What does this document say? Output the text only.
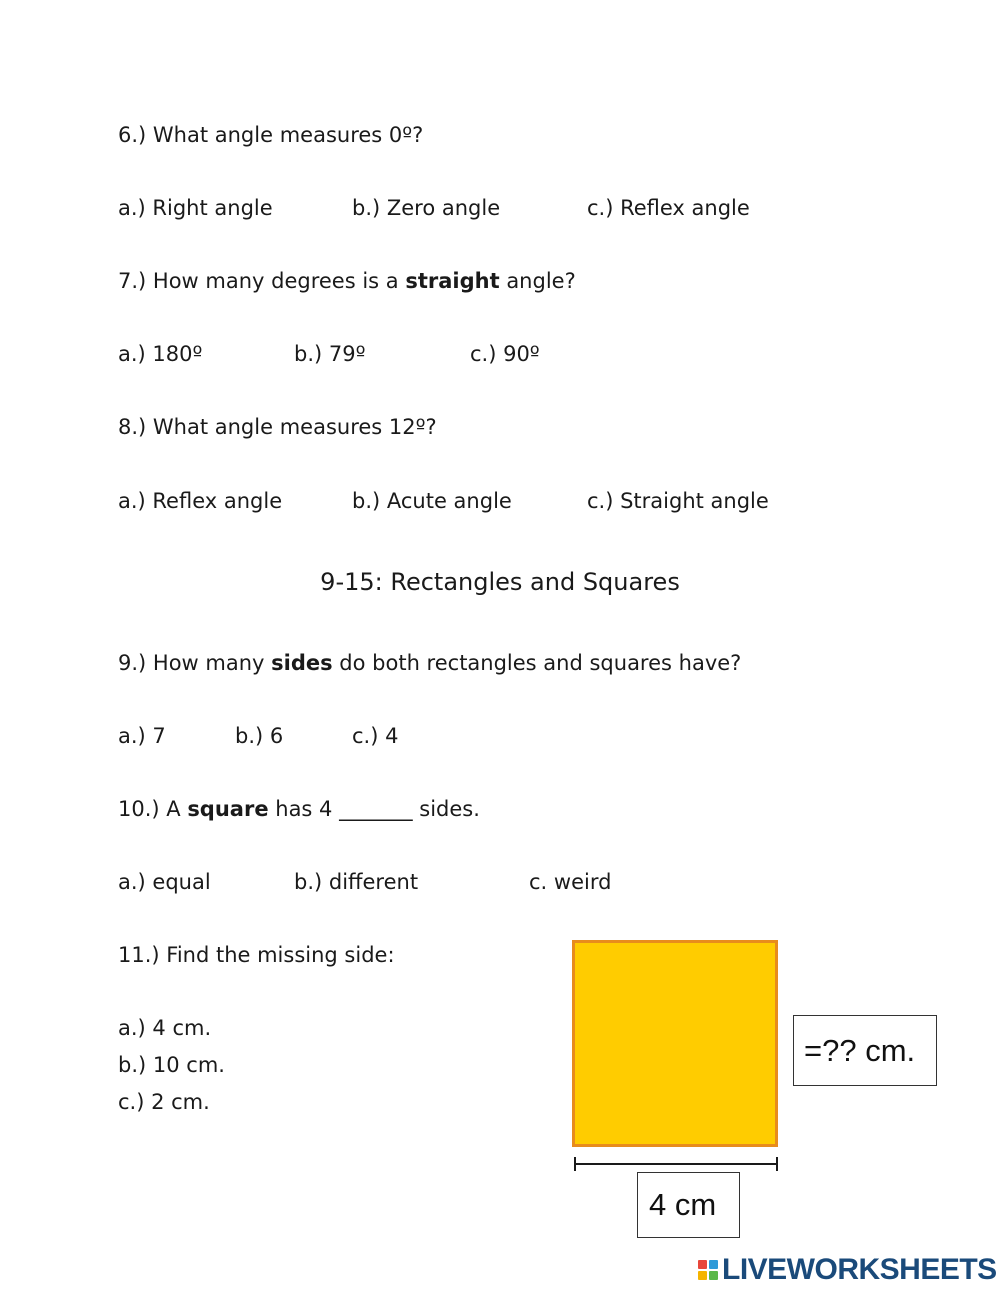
6.) What angle measures 0º?
a.) Right angle	b.) Zero angle	c.) Reflex angle
7.) How many degrees is a straight angle?
a.) 180º	b.) 79º	c.) 90º
8.) What angle measures 12º?
a.) Reflex angle	b.) Acute angle	c.) Straight angle
9-15: Rectangles and Squares
9.) How many sides do both rectangles and squares have?
a.) 7	b.) 6	c.) 4
10.) A square has 4 _______ sides.
a.) equal	b.) different	c. weird
11.) Find the missing side:
a.) 4 cm.
b.) 10 cm.
c.) 2 cm.
=?? cm.
4 cm
LIVEWORKSHEETS
